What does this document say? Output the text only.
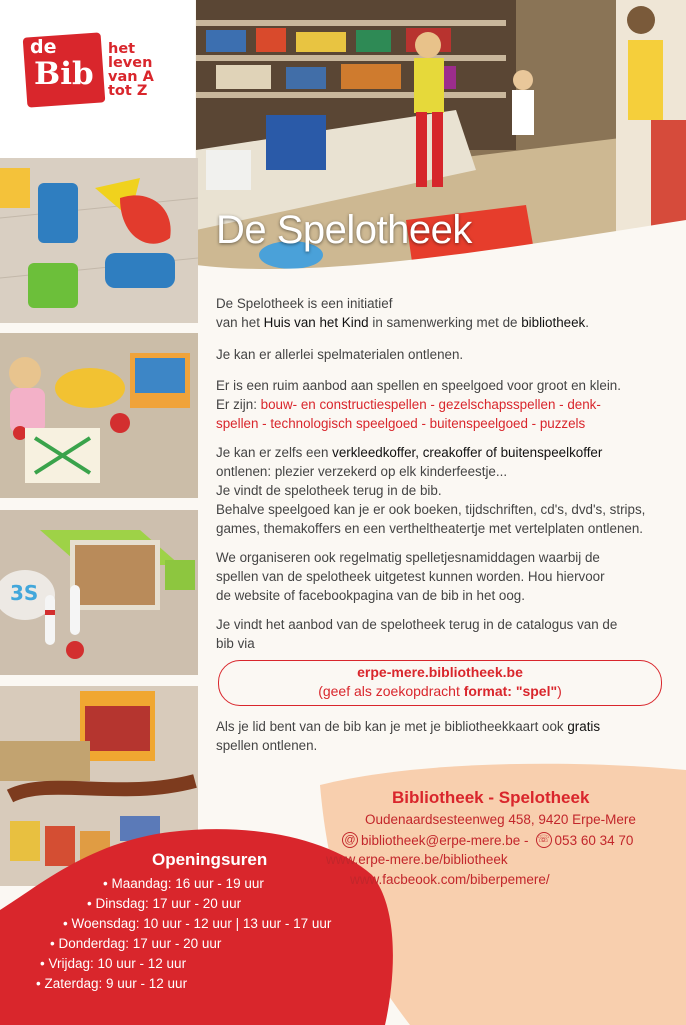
de
Bib
het
leven
van A
tot Z
De Spelotheek
3S
De Spelotheek is een initiatief
van het Huis van het Kind in samenwerking met de bibliotheek.
Je kan er allerlei spelmaterialen ontlenen.
Er is een ruim aanbod aan spellen en speelgoed voor groot en klein.
Er zijn: bouw- en constructiespellen - gezelschapsspellen - denk-
spellen - technologisch speelgoed - buitenspeelgoed - puzzels
Je kan er zelfs een verkleedkoffer, creakoffer of buitenspeelkoffer
ontlenen: plezier verzekerd op elk kinderfeestje...
Je vindt de spelotheek terug in de bib.
Behalve speelgoed kan je er ook boeken, tijdschriften, cd's, dvd's, strips,
games, themakoffers en een vertheltheatertje met vertelplaten ontlenen.
We organiseren ook regelmatig spelletjesnamiddagen waarbij de
spellen van de spelotheek uitgetest kunnen worden. Hou hiervoor
de website of facebookpagina van de bib in het oog.
Je vindt het aanbod van de spelotheek terug in de catalogus van de
bib via
erpe-mere.bibliotheek.be
(geef als zoekopdracht format: "spel")
Als je lid bent van de bib kan je met je bibliotheekkaart ook gratis
spellen ontlenen.
Bibliotheek - Spelotheek
Oudenaardsesteenweg 458, 9420 Erpe-Mere
@ bibliotheek@erpe-mere.be - ☏ 053 60 34 70
www.erpe-mere.be/bibliotheek
www.facbeook.com/biberpemere/
Openingsuren
• Maandag: 16 uur - 19 uur
• Dinsdag: 17 uur - 20 uur
• Woensdag: 10 uur - 12 uur | 13 uur - 17 uur
• Donderdag: 17 uur - 20 uur
• Vrijdag: 10 uur - 12 uur
• Zaterdag: 9 uur - 12 uur
